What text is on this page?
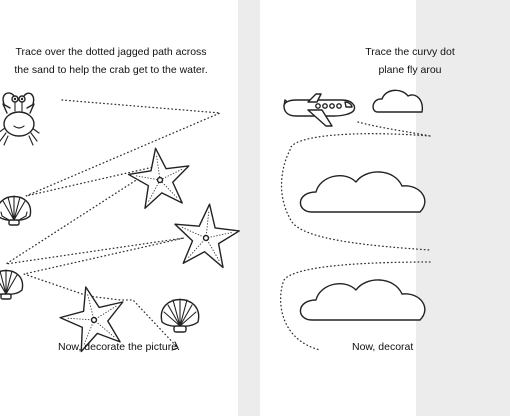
Trace over the dotted jagged path across
the sand to help the crab get to the water.

Now, decorate the picture.

Trace the curvy dot
plane fly arou

Now, decorat
